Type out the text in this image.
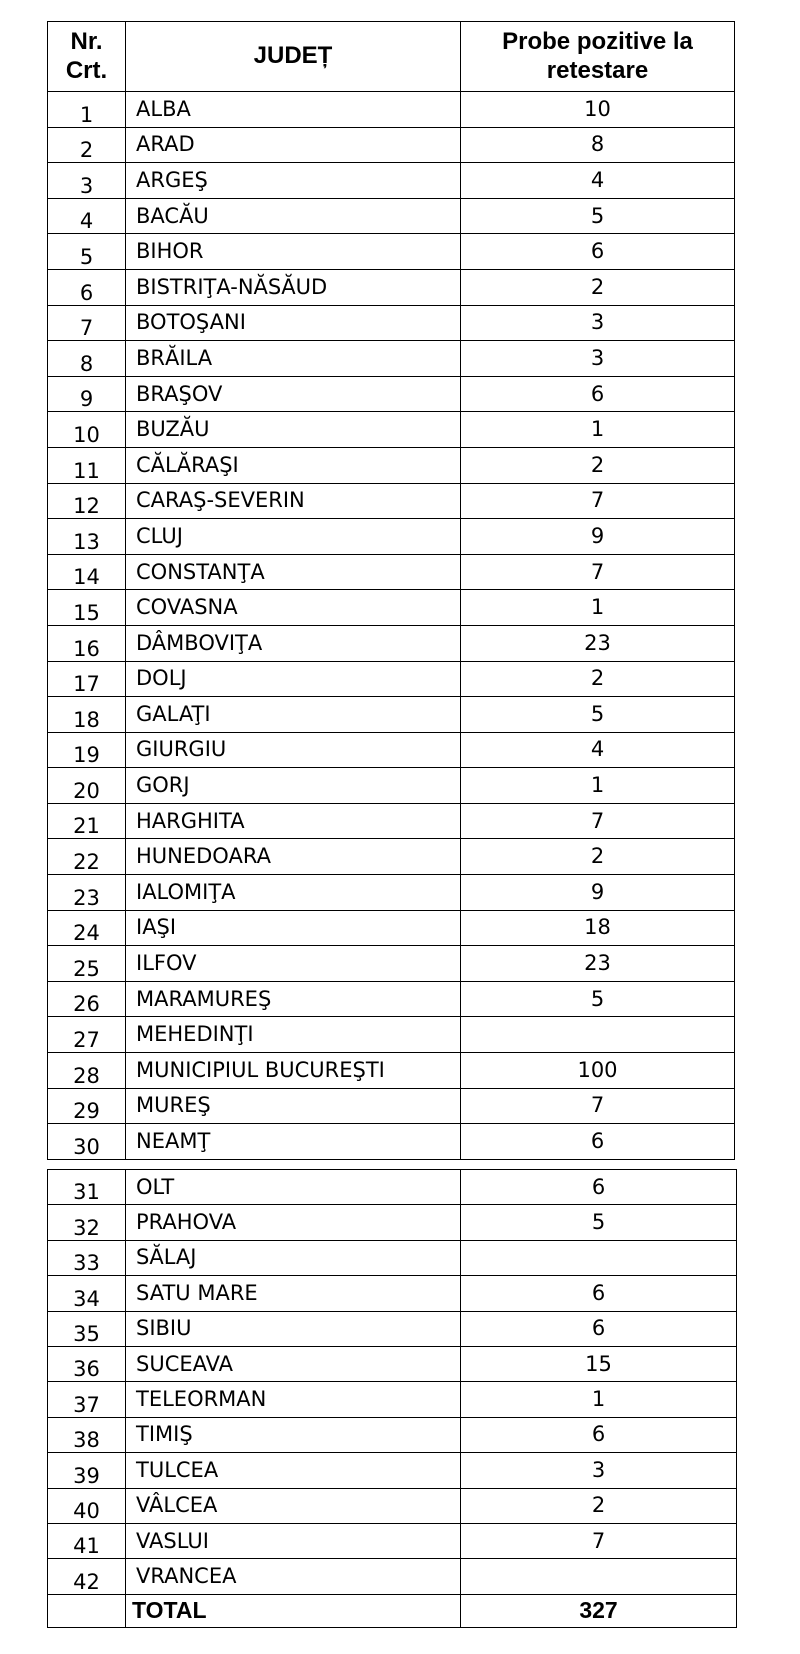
Nr. Crt.	JUDEȚ	Probe pozitive la retestare

1	ALBA	10
2	ARAD	8
3	ARGEŞ	4
4	BACĂU	5
5	BIHOR	6
6	BISTRIŢA-NĂSĂUD	2
7	BOTOŞANI	3
8	BRĂILA	3
9	BRAŞOV	6
10	BUZĂU	1
11	CĂLĂRAŞI	2
12	CARAŞ-SEVERIN	7
13	CLUJ	9
14	CONSTANŢA	7
15	COVASNA	1
16	DÂMBOVIŢA	23
17	DOLJ	2
18	GALAŢI	5
19	GIURGIU	4
20	GORJ	1
21	HARGHITA	7
22	HUNEDOARA	2
23	IALOMIŢA	9
24	IAŞI	18
25	ILFOV	23
26	MARAMUREŞ	5
27	MEHEDINŢI	
28	MUNICIPIUL BUCUREŞTI	100
29	MUREŞ	7
30	NEAMŢ	6
31	OLT	6
32	PRAHOVA	5
33	SĂLAJ	
34	SATU MARE	6
35	SIBIU	6
36	SUCEAVA	15
37	TELEORMAN	1
38	TIMIŞ	6
39	TULCEA	3
40	VÂLCEA	2
41	VASLUI	7
42	VRANCEA	
	TOTAL	327
